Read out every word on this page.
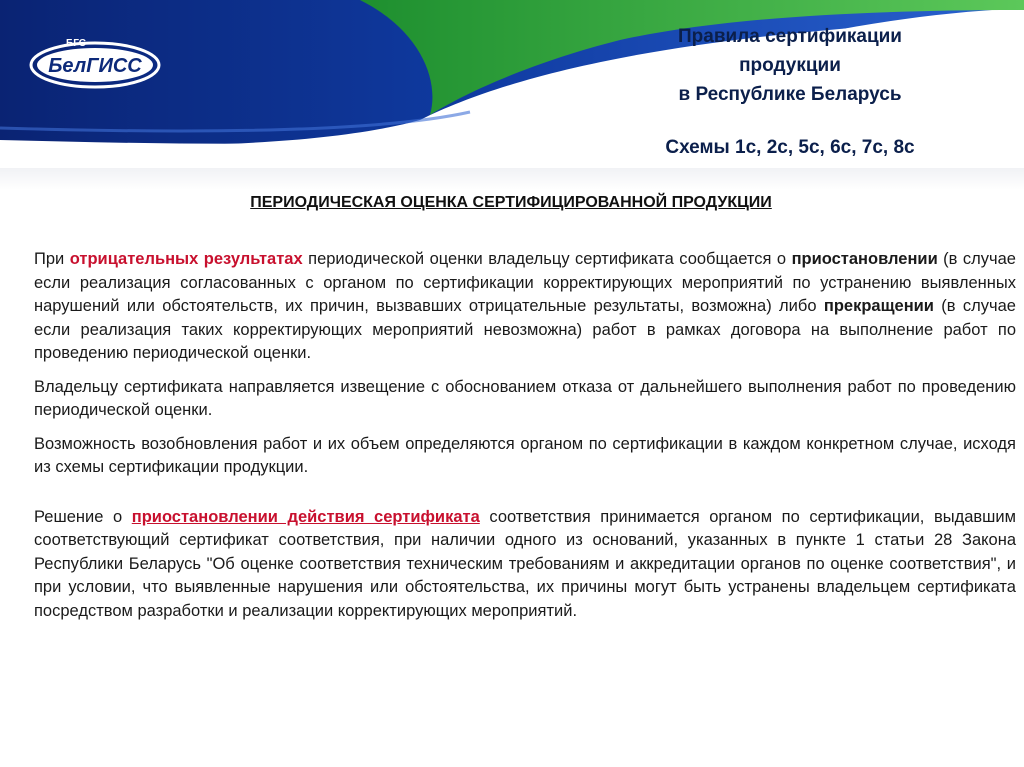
БелГИСС
БГС	Правила сертификации
продукции
в Республике Беларусь
Схемы 1с, 2с, 5с, 6с, 7с, 8с
ПЕРИОДИЧЕСКАЯ ОЦЕНКА СЕРТИФИЦИРОВАННОЙ ПРОДУКЦИИ

При отрицательных результатах периодической оценки владельцу сертификата сообщается о приостановлении (в случае если реализация согласованных с органом по сертификации корректирующих мероприятий по устранению выявленных нарушений или обстоятельств, их причин, вызвавших отрицательные результаты, возможна) либо прекращении (в случае если реализация таких корректирующих мероприятий невозможна) работ в рамках договора на выполнение работ по проведению периодической оценки.

Владельцу сертификата направляется извещение с обоснованием отказа от дальнейшего выполнения работ по проведению периодической оценки.

Возможность возобновления работ и их объем определяются органом по сертификации в каждом конкретном случае, исходя из схемы сертификации продукции.

Решение о приостановлении действия сертификата соответствия принимается органом по сертификации, выдавшим соответствующий сертификат соответствия, при наличии одного из оснований, указанных в пункте 1 статьи 28 Закона Республики Беларусь "Об оценке соответствия техническим требованиям и аккредитации органов по оценке соответствия", и при условии, что выявленные нарушения или обстоятельства, их причины могут быть устранены владельцем сертификата посредством разработки и реализации корректирующих мероприятий.
